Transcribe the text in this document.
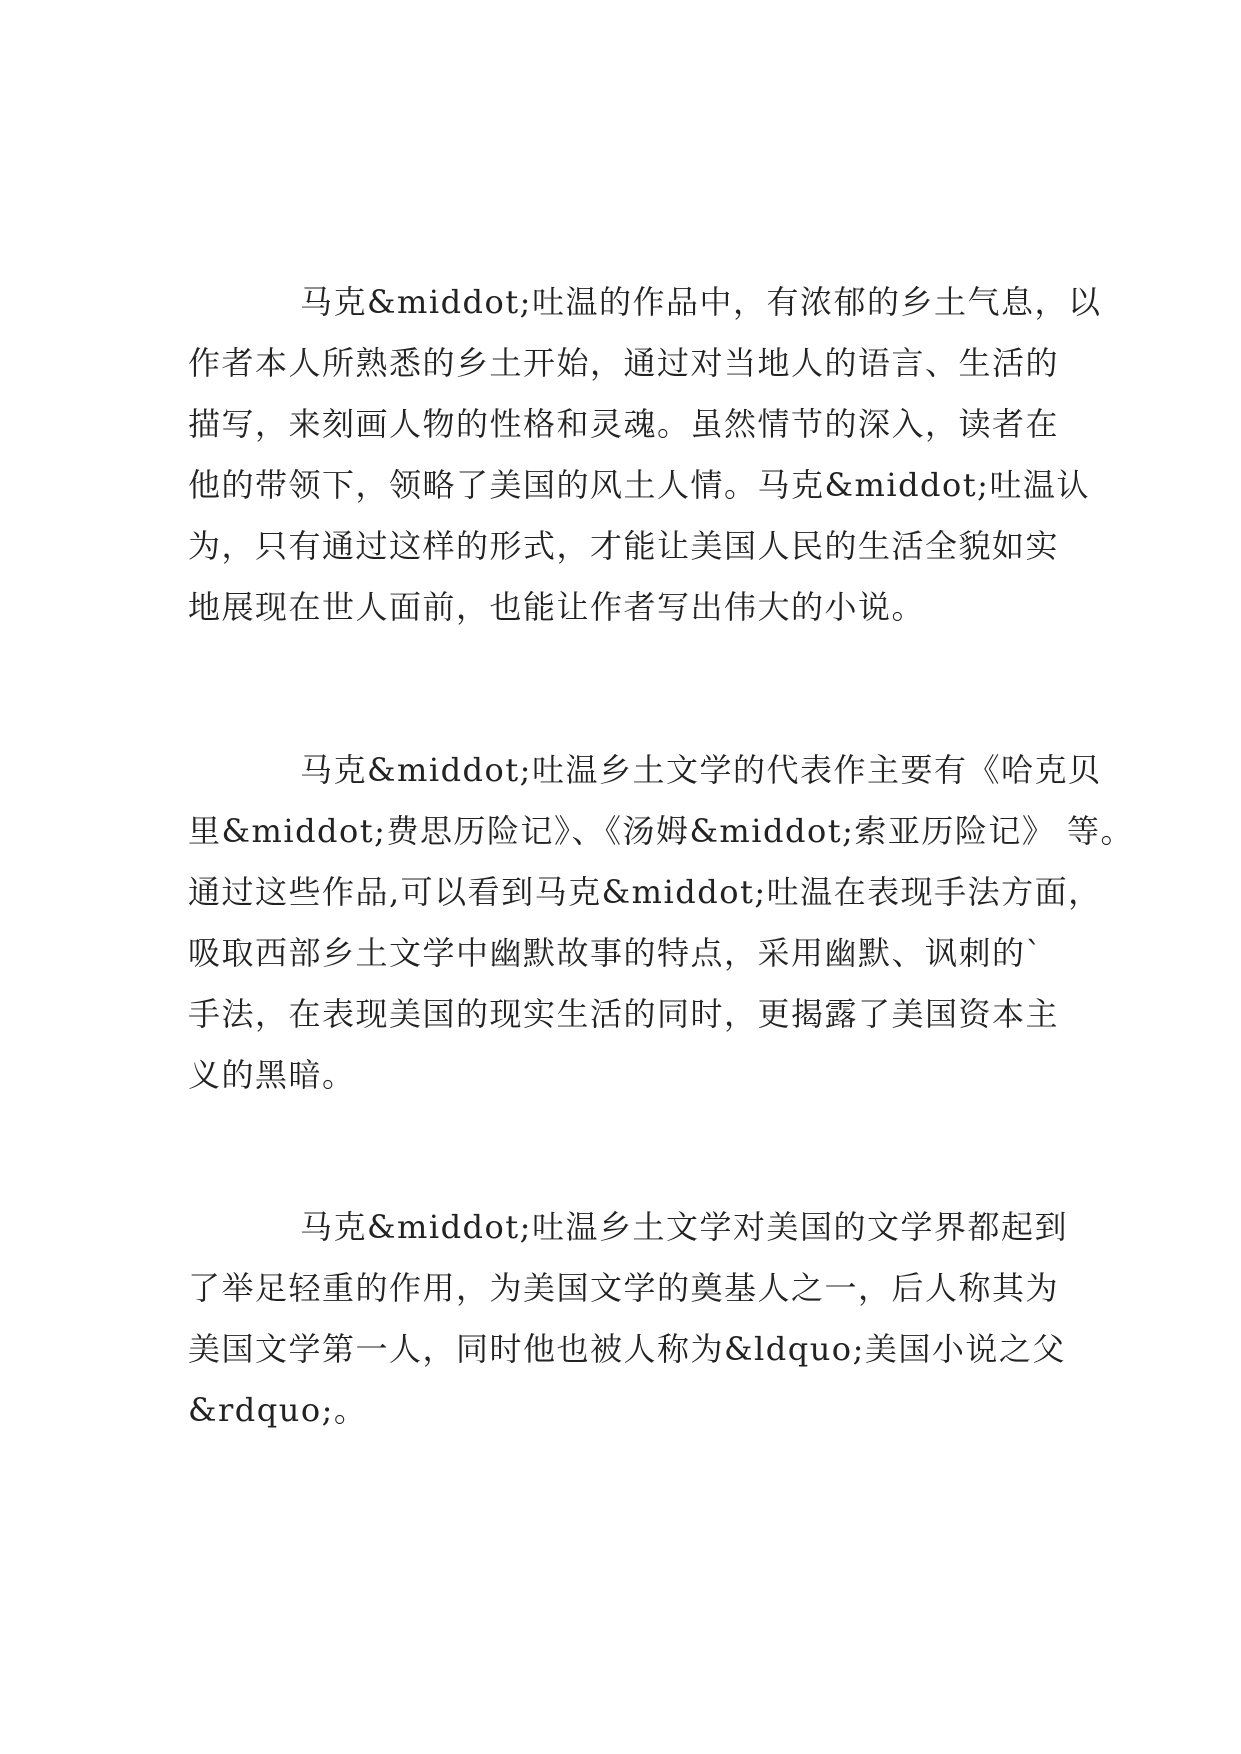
马克&middot;吐温的作品中，有浓郁的乡土气息，以
作者本人所熟悉的乡土开始，通过对当地人的语言、生活的
描写，来刻画人物的性格和灵魂。虽然情节的深入，读者在
他的带领下，领略了美国的风土人情。马克&middot;吐温认
为，只有通过这样的形式，才能让美国人民的生活全貌如实
地展现在世人面前，也能让作者写出伟大的小说。
马克&middot;吐温乡土文学的代表作主要有《哈克贝
里&middot;费思历险记》、《汤姆&middot;索亚历险记》 等。
通过这些作品,可以看到马克&middot;吐温在表现手法方面，
吸取西部乡土文学中幽默故事的特点，采用幽默、讽刺的`
手法，在表现美国的现实生活的同时，更揭露了美国资本主
义的黑暗。
马克&middot;吐温乡土文学对美国的文学界都起到
了举足轻重的作用，为美国文学的奠基人之一，后人称其为
美国文学第一人，同时他也被人称为&ldquo;美国小说之父
&rdquo;。
